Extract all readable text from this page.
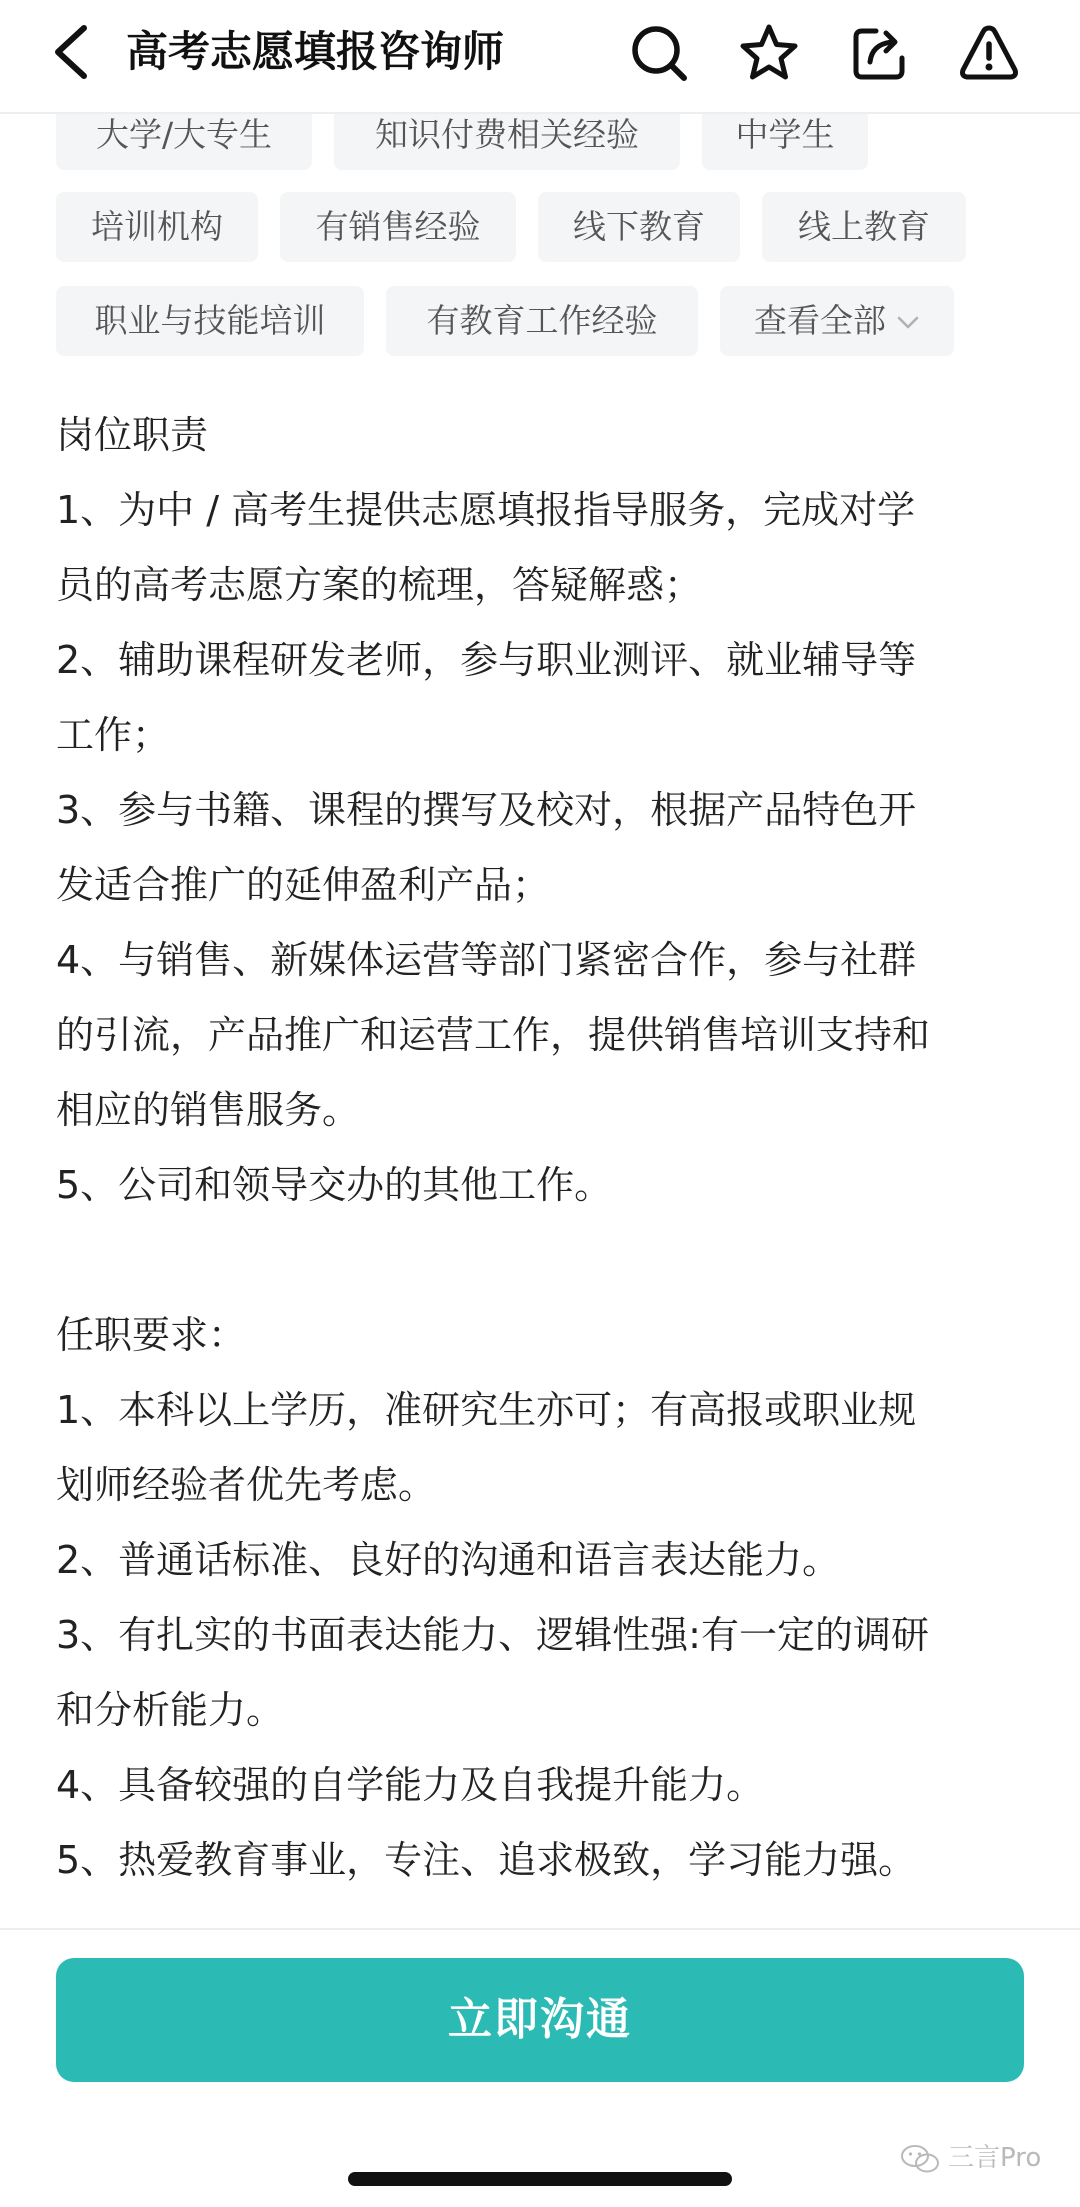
高考志愿填报咨询师
大学/大专生	知识付费相关经验	中学生
培训机构	有销售经验	线下教育	线上教育
职业与技能培训	有教育工作经验	查看全部
岗位职责
1、为中 / 高考生提供志愿填报指导服务，完成对学
员的高考志愿方案的梳理，答疑解惑；
2、辅助课程研发老师，参与职业测评、就业辅导等
工作；
3、参与书籍、课程的撰写及校对，根据产品特色开
发适合推广的延伸盈利产品；
4、与销售、新媒体运营等部门紧密合作，参与社群
的引流，产品推广和运营工作，提供销售培训支持和
相应的销售服务。
5、公司和领导交办的其他工作。
任职要求：
1、本科以上学历，准研究生亦可；有高报或职业规
划师经验者优先考虑。
2、普通话标准、良好的沟通和语言表达能力。
3、有扎实的书面表达能力、逻辑性强:有一定的调研
和分析能力。
4、具备较强的自学能力及自我提升能力。
5、热爱教育事业，专注、追求极致，学习能力强。
立即沟通
三言Pro
